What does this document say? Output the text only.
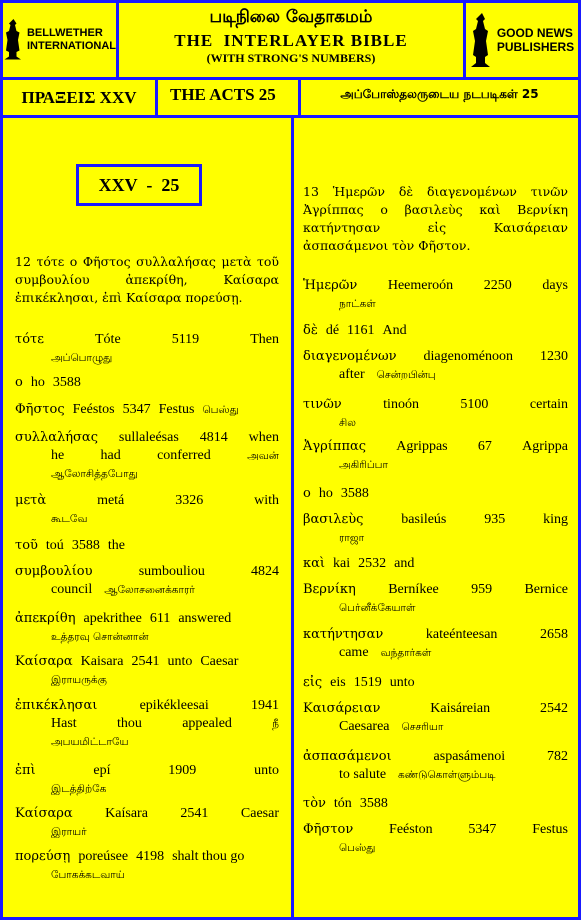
BELLWETHER
INTERNATIONAL
படிநிலை வேதாகமம்
THE  INTERLAYER BIBLE
(WITH STRONG'S NUMBERS)
GOOD NEWS
PUBLISHERS
ΠΡΑΞΕΙΣ XXV	THE ACTS 25	அப்போஸ்தலருடைய நடபடிகள் 25
XXV  -  25
12 τότε ο Φῆστος συλλαλήσας μετὰ τοῦ συμβουλίου ἀπεκρίθη, Καίσαρα ἐπικέκλησαι, ἐπὶ Καίσαρα πορεύσῃ.
13 Ἡμερῶν δὲ διαγενομένων τινῶν Ἀγρίππας ο βασιλεὺς καὶ Βερνίκη κατήντησαν εἰς Καισάρειαν ἀσπασάμενοι τὸν Φῆστον.
τότε	Tóte	5119	Then
அப்பொழுது
ο ho 3588
Φῆστος Feéstos 5347 Festus பெஸ்து
συλλαλήσας sullaleésas 4814 when
he	had	conferred	அவன்
ஆலோசித்தபோது
μετὰ	metá	3326	with
கூடவே
τοῦ toú 3588 the
συμβουλίου	sumbouliou	4824
council ஆலோசனைக்காரர்
ἀπεκρίθη apekrithee 611 answered
உத்தரவு சொன்னான்
Καίσαρα Kaisara 2541 unto Caesar
இராயருக்கு
ἐπικέκλησαι	epikékleesai	1941
Hast	thou	appealed	நீ
அபயமிட்டாயே
ἐπὶ	epí	1909	unto
இடத்திற்கே
Καίσαρα Kaísara 2541 Caesar
இராயர்
πορεύσῃ poreúsee 4198 shalt thou go
போகக்கடவாய்
Ἡμερῶν Heemeroón 2250 days
நாட்கள்
δὲ dé 1161 And
διαγενομένων diagenoménoon 1230
after சென்றபின்பு
τινῶν	tinoón	5100	certain
சில
Ἀγρίππας Agrippas 67 Agrippa
அகிரிப்பா
ο ho 3588
βασιλεὺς	basileús	935	king
ராஜா
καὶ kai 2532 and
Βερνίκη Berníkee 959 Bernice
பெர்னீக்கேயாள்
κατήντησαν	kateénteesan	2658
came வந்தார்கள்
εἰς eis 1519 unto
Καισάρειαν	Kaisáreian	2542
Caesarea செசரியா
ἀσπασάμενοι	aspasámenoi	782
to salute கண்டுகொள்ளும்படி
τὸν tón 3588
Φῆστον	Feéston	5347	Festus
பெஸ்து
